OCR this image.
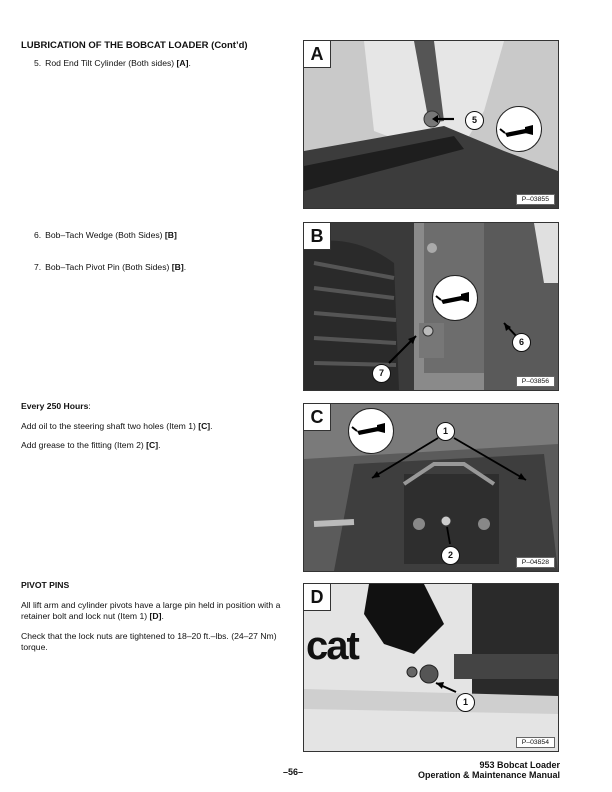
LUBRICATION OF THE BOBCAT LOADER (Cont’d)
5. Rod End Tilt Cylinder (Both sides) [A].
6. Bob–Tach Wedge (Both Sides) [B]
7. Bob–Tach Pivot Pin (Both Sides) [B].
Every 250 Hours:
Add oil to the steering shaft two holes (Item 1) [C].
Add grease to the fitting (Item 2) [C].
PIVOT PINS
All lift arm and cylinder pivots have a large pin held in position with a retainer bolt and lock nut (Item 1) [D].
Check that the lock nuts are tightened to 18–20 ft.–lbs. (24–27 Nm) torque.
A
5
P–03855
B
6
7
P–03856
C
1
2
P–04528
D
cat
1
P–03854
–56–
953 Bobcat Loader
Operation & Maintenance Manual
